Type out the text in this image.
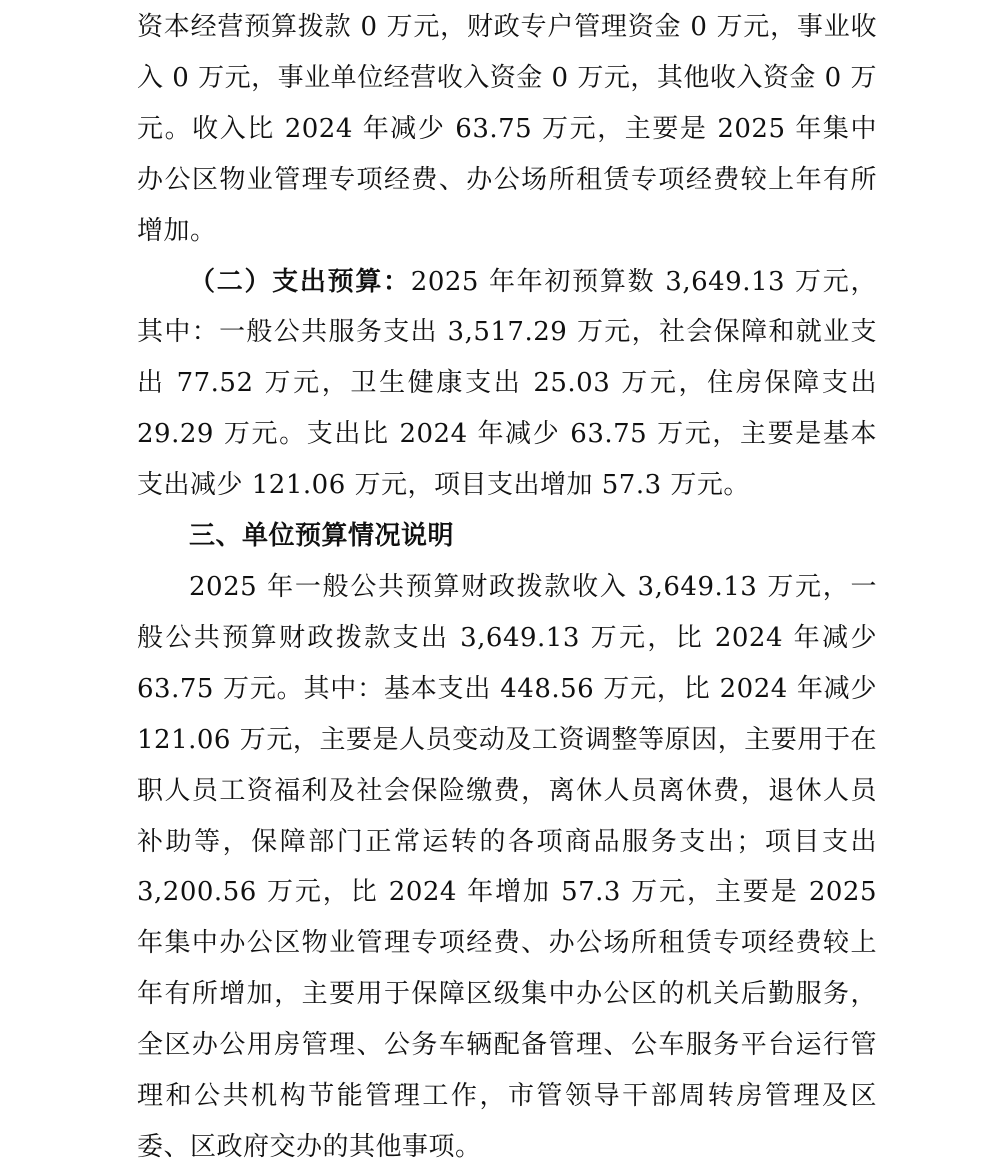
资本经营预算拨款 0 万元，财政专户管理资金 0 万元，事业收入 0 万元，事业单位经营收入资金 0 万元，其他收入资金 0 万元。收入比 2024 年减少 63.75 万元，主要是 2025 年集中办公区物业管理专项经费、办公场所租赁专项经费较上年有所增加。

（二）支出预算：2025 年年初预算数 3,649.13 万元，其中：一般公共服务支出 3,517.29 万元，社会保障和就业支出 77.52 万元，卫生健康支出 25.03 万元，住房保障支出 29.29 万元。支出比 2024 年减少 63.75 万元，主要是基本支出减少 121.06 万元，项目支出增加 57.3 万元。

三、单位预算情况说明

2025 年一般公共预算财政拨款收入 3,649.13 万元，一般公共预算财政拨款支出 3,649.13 万元，比 2024 年减少 63.75 万元。其中：基本支出 448.56 万元，比 2024 年减少 121.06 万元，主要是人员变动及工资调整等原因，主要用于在职人员工资福利及社会保险缴费，离休人员离休费，退休人员补助等，保障部门正常运转的各项商品服务支出；项目支出 3,200.56 万元，比 2024 年增加 57.3 万元，主要是 2025 年集中办公区物业管理专项经费、办公场所租赁专项经费较上年有所增加，主要用于保障区级集中办公区的机关后勤服务，全区办公用房管理、公务车辆配备管理、公车服务平台运行管理和公共机构节能管理工作，市管领导干部周转房管理及区委、区政府交办的其他事项。
